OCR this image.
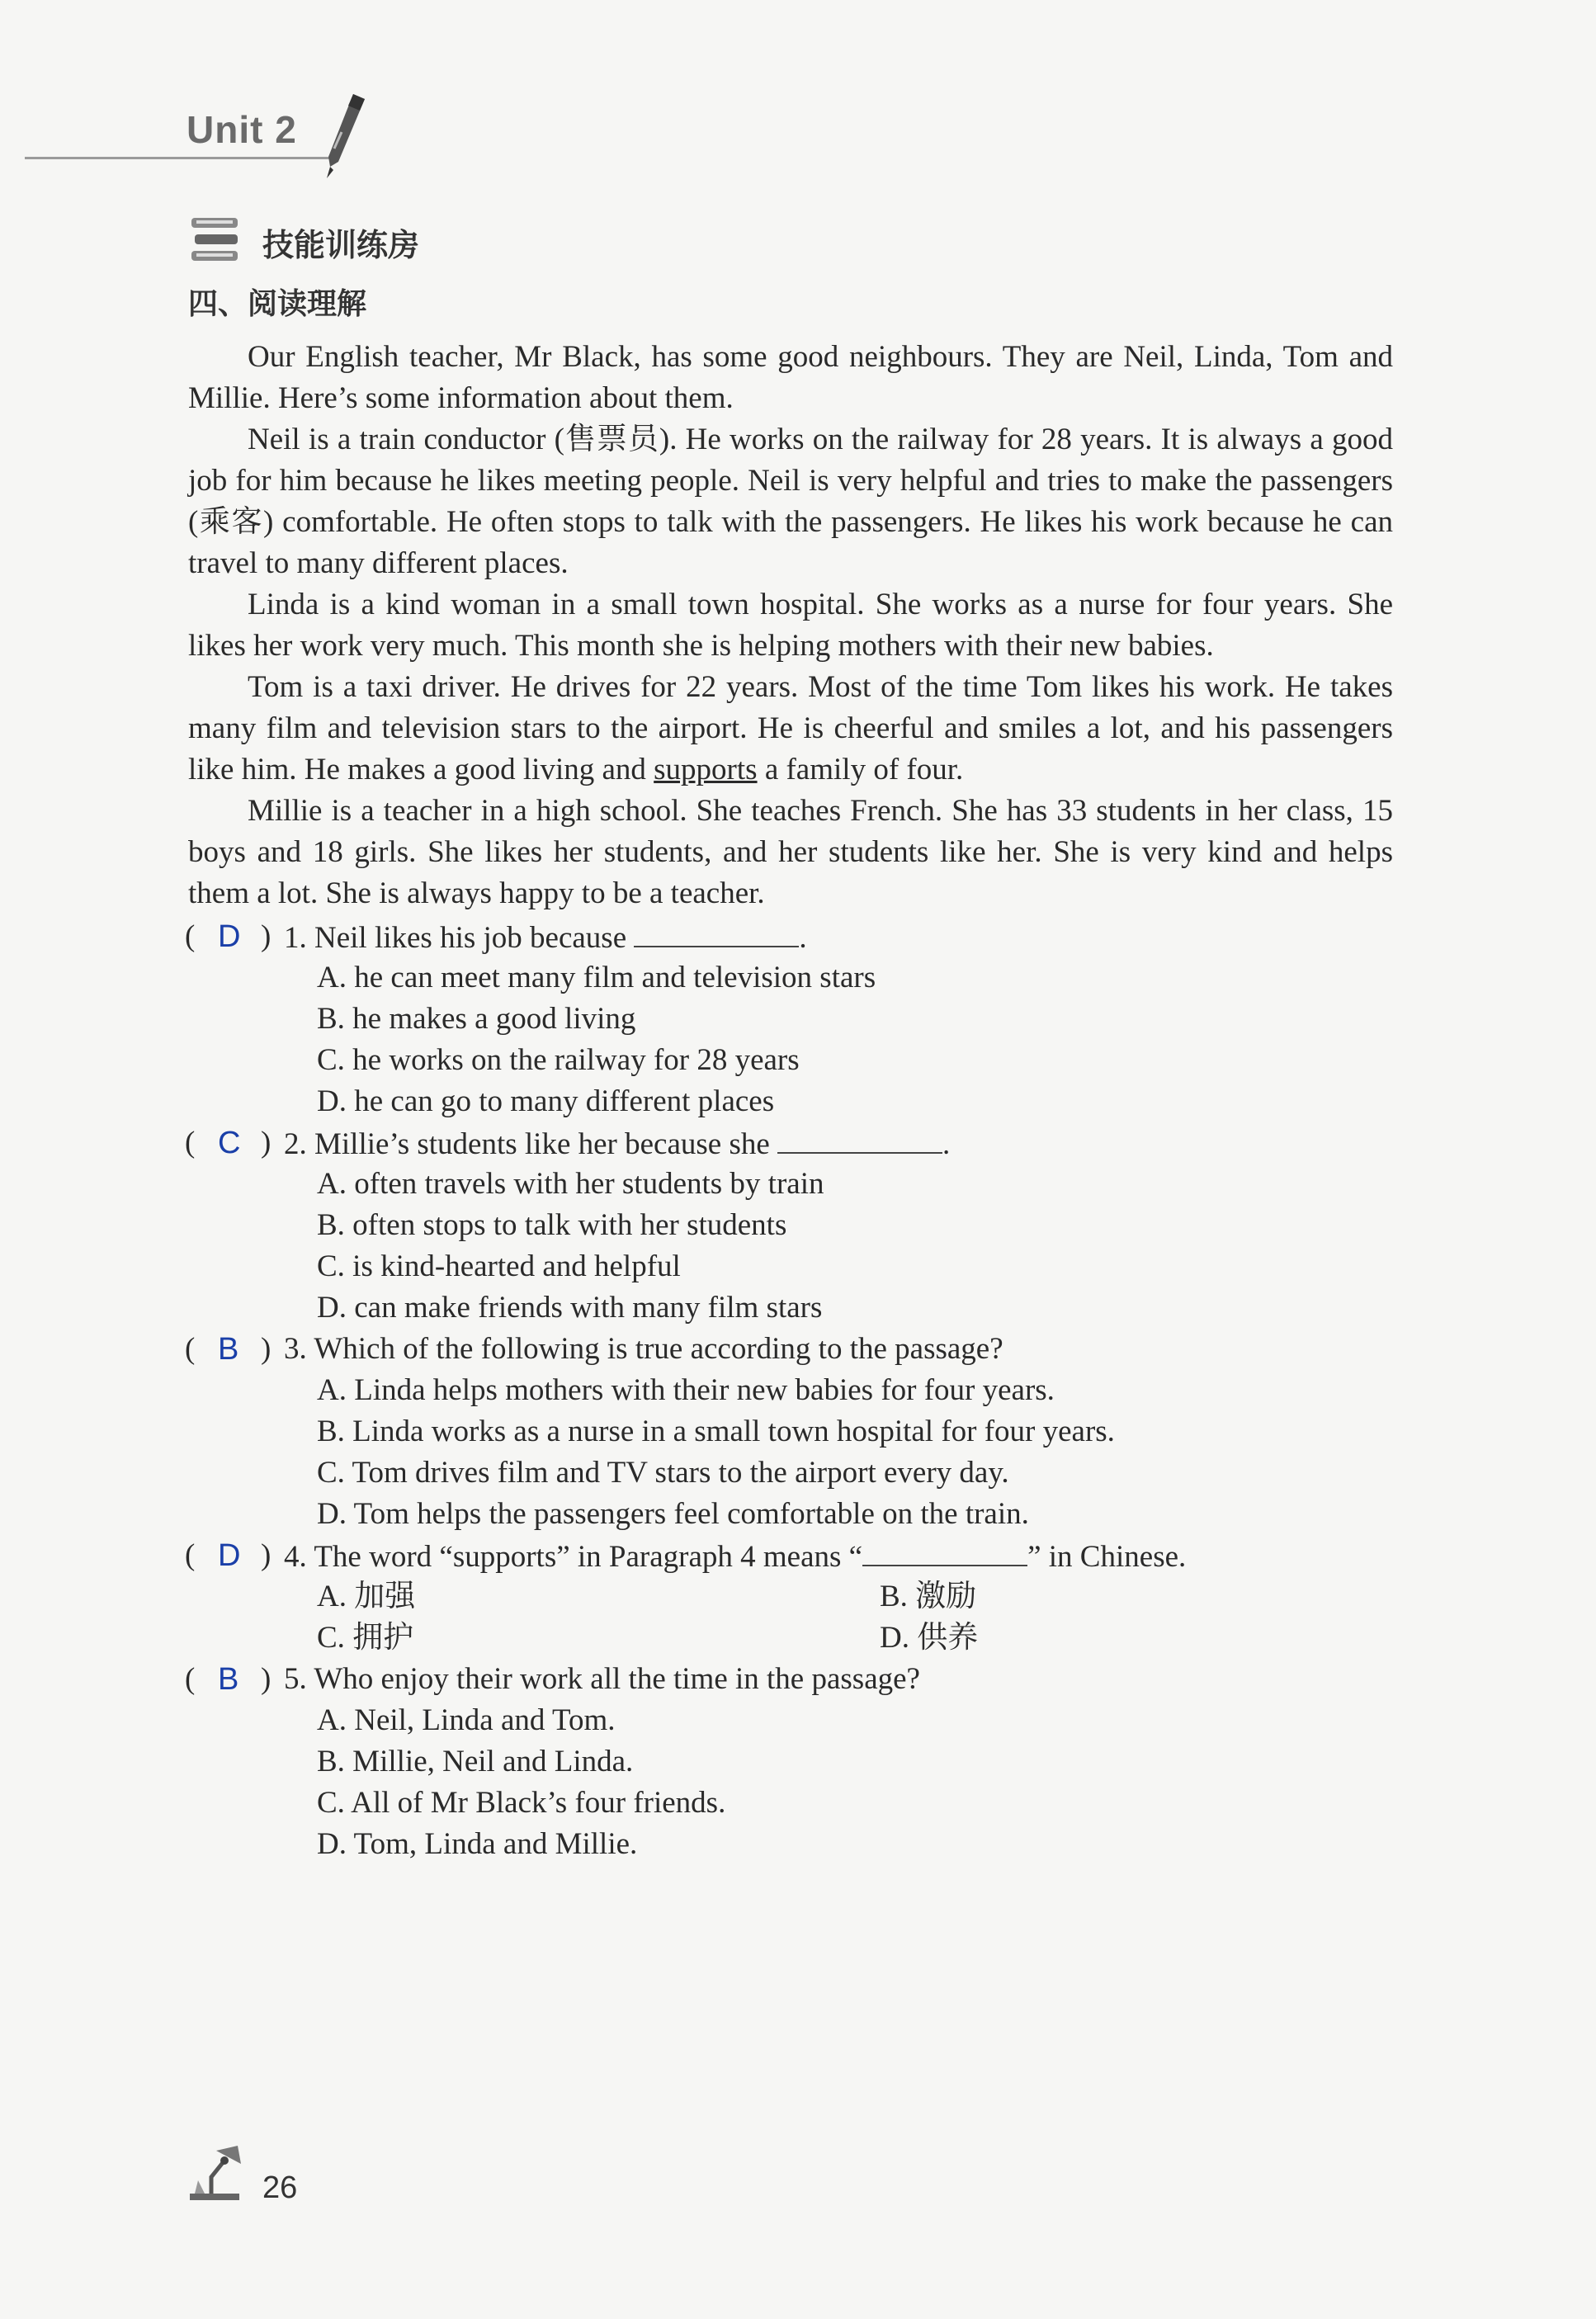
Unit 2
技能训练房
四、阅读理解

Our English teacher, Mr Black, has some good neighbours. They are Neil, Linda, Tom and Millie. Here’s some information about them.

Neil is a train conductor (售票员). He works on the railway for 28 years. It is always a good job for him because he likes meeting people. Neil is very helpful and tries to make the passengers (乘客) comfortable. He often stops to talk with the passengers. He likes his work because he can travel to many different places.

Linda is a kind woman in a small town hospital. She works as a nurse for four years. She likes her work very much. This month she is helping mothers with their new babies.

Tom is a taxi driver. He drives for 22 years. Most of the time Tom likes his work. He takes many film and television stars to the airport. He is cheerful and smiles a lot, and his passengers like him. He makes a good living and supports a family of four.

Millie is a teacher in a high school. She teaches French. She has 33 students in her class, 15 boys and 18 girls. She likes her students, and her students like her. She is very kind and helps them a lot. She is always happy to be a teacher.

( D ) 1. Neil likes his job because	.
A. he can meet many film and television stars
B. he makes a good living
C. he works on the railway for 28 years
D. he can go to many different places
( C ) 2. Millie’s students like her because she	.
A. often travels with her students by train
B. often stops to talk with her students
C. is kind-hearted and helpful
D. can make friends with many film stars
( B ) 3. Which of the following is true according to the passage?
A. Linda helps mothers with their new babies for four years.
B. Linda works as a nurse in a small town hospital for four years.
C. Tom drives film and TV stars to the airport every day.
D. Tom helps the passengers feel comfortable on the train.
( D ) 4. The word “supports” in Paragraph 4 means “	” in Chinese.
A. 加强	B. 激励
C. 拥护	D. 供养
( B ) 5. Who enjoy their work all the time in the passage?
A. Neil, Linda and Tom.
B. Millie, Neil and Linda.
C. All of Mr Black’s four friends.
D. Tom, Linda and Millie.
26
